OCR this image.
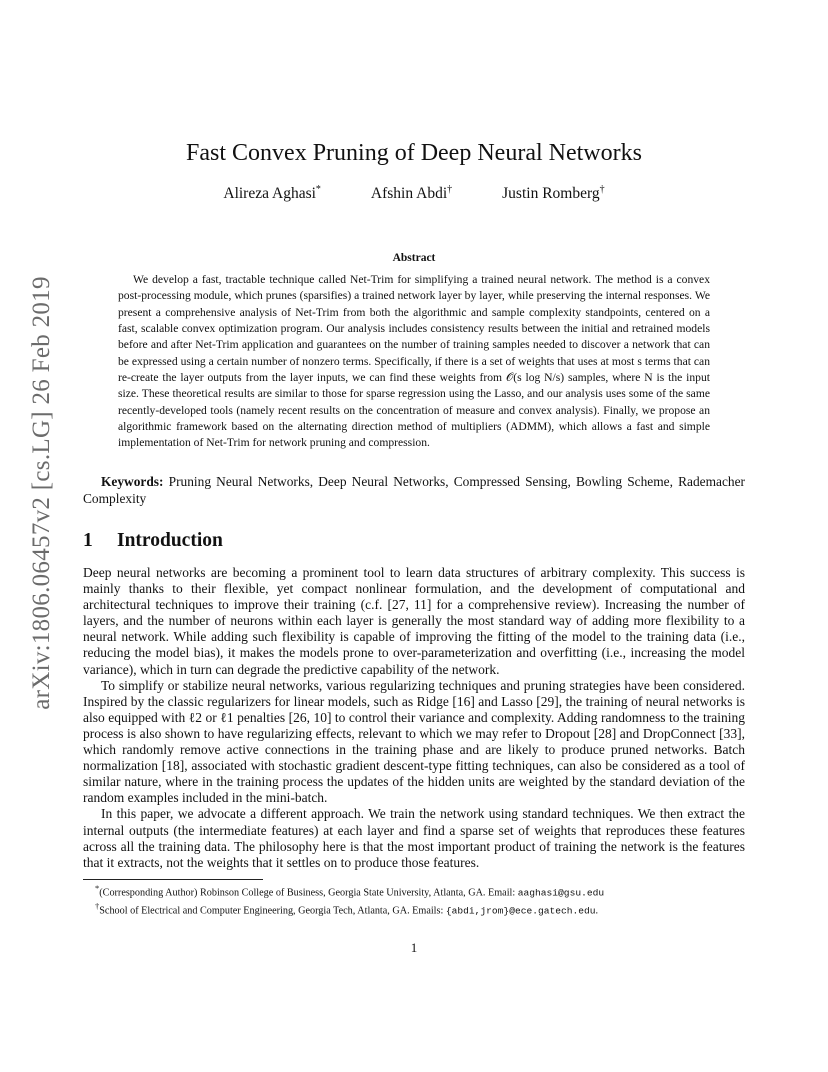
arXiv:1806.06457v2 [cs.LG] 26 Feb 2019
Fast Convex Pruning of Deep Neural Networks
Alireza Aghasi*	Afshin Abdi†	Justin Romberg†
Abstract
We develop a fast, tractable technique called Net-Trim for simplifying a trained neural network. The method is a convex post-processing module, which prunes (sparsifies) a trained network layer by layer, while preserving the internal responses. We present a comprehensive analysis of Net-Trim from both the algorithmic and sample complexity standpoints, centered on a fast, scalable convex optimization program. Our analysis includes consistency results between the initial and retrained models before and after Net-Trim application and guarantees on the number of training samples needed to discover a network that can be expressed using a certain number of nonzero terms. Specifically, if there is a set of weights that uses at most s terms that can re-create the layer outputs from the layer inputs, we can find these weights from 𝒪(s log N/s) samples, where N is the input size. These theoretical results are similar to those for sparse regression using the Lasso, and our analysis uses some of the same recently-developed tools (namely recent results on the concentration of measure and convex analysis). Finally, we propose an algorithmic framework based on the alternating direction method of multipliers (ADMM), which allows a fast and simple implementation of Net-Trim for network pruning and compression.
Keywords: Pruning Neural Networks, Deep Neural Networks, Compressed Sensing, Bowling Scheme, Rademacher Complexity
1 Introduction

Deep neural networks are becoming a prominent tool to learn data structures of arbitrary complexity. This success is mainly thanks to their flexible, yet compact nonlinear formulation, and the development of computational and architectural techniques to improve their training (c.f. [27, 11] for a comprehensive review). Increasing the number of layers, and the number of neurons within each layer is generally the most standard way of adding more flexibility to a neural network. While adding such flexibility is capable of improving the fitting of the model to the training data (i.e., reducing the model bias), it makes the models prone to over-parameterization and overfitting (i.e., increasing the model variance), which in turn can degrade the predictive capability of the network.

To simplify or stabilize neural networks, various regularizing techniques and pruning strategies have been considered. Inspired by the classic regularizers for linear models, such as Ridge [16] and Lasso [29], the training of neural networks is also equipped with ℓ2 or ℓ1 penalties [26, 10] to control their variance and complexity. Adding randomness to the training process is also shown to have regularizing effects, relevant to which we may refer to Dropout [28] and DropConnect [33], which randomly remove active connections in the training phase and are likely to produce pruned networks. Batch normalization [18], associated with stochastic gradient descent-type fitting techniques, can also be considered as a tool of similar nature, where in the training process the updates of the hidden units are weighted by the standard deviation of the random examples included in the mini-batch.

In this paper, we advocate a different approach. We train the network using standard techniques. We then extract the internal outputs (the intermediate features) at each layer and find a sparse set of weights that reproduces these features across all the training data. The philosophy here is that the most important product of training the network is the features that it extracts, not the weights that it settles on to produce those features.

*(Corresponding Author) Robinson College of Business, Georgia State University, Atlanta, GA. Email: aaghasi@gsu.edu
†School of Electrical and Computer Engineering, Georgia Tech, Atlanta, GA. Emails: {abdi,jrom}@ece.gatech.edu.
1
